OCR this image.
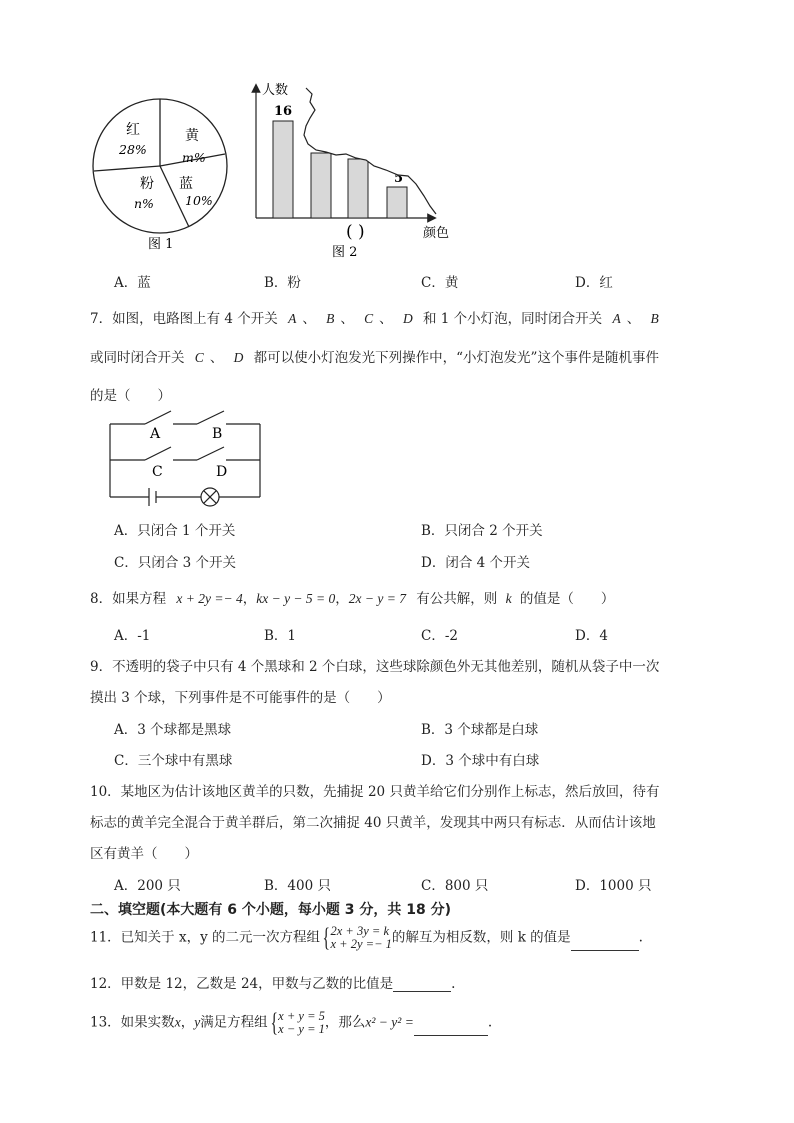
红
28%
黄
m%
蓝
10%
粉
n%
图 1
人数
颜色
16
5
( )
图 2
A．蓝	B．粉	C．黄	D．红
7．如图，电路图上有 4 个开关 A 、 B 、 C 、 D 和 1 个小灯泡，同时闭合开关 A 、 B
或同时闭合开关 C 、 D 都可以使小灯泡发光下列操作中，“小灯泡发光”这个事件是随机事件
的是（　　）
A	B
C	D
A．只闭合 1 个开关	B．只闭合 2 个开关
C．只闭合 3 个开关	D．闭合 4 个开关
8．如果方程 x + 2y =− 4，kx − y − 5 = 0，2x − y = 7 有公共解，则 k 的值是（　　）
A．-1	B．1	C．-2	D．4
9．不透明的袋子中只有 4 个黑球和 2 个白球，这些球除颜色外无其他差别，随机从袋子中一次
摸出 3 个球，下列事件是不可能事件的是（　　）
A．3 个球都是黑球	B．3 个球都是白球
C．三个球中有黑球	D．3 个球中有白球
10．某地区为估计该地区黄羊的只数，先捕捉 20 只黄羊给它们分别作上标志，然后放回，待有
标志的黄羊完全混合于黄羊群后，第二次捕捉 40 只黄羊，发现其中两只有标志．从而估计该地
区有黄羊（　　）
A．200 只	B．400 只	C．800 只	D．1000 只
二、填空题(本大题有 6 个小题，每小题 3 分，共 18 分)
11．已知关于 x，y 的二元一次方程组{ 2x + 3y = k
x + 2y =− 1 的解互为相反数，则 k 的值是	.
12．甲数是 12，乙数是 24，甲数与乙数的比值是	.
13．如果实数x，y满足方程组{ x + y = 5
x − y = 1 ，那么x² − y² =	.
